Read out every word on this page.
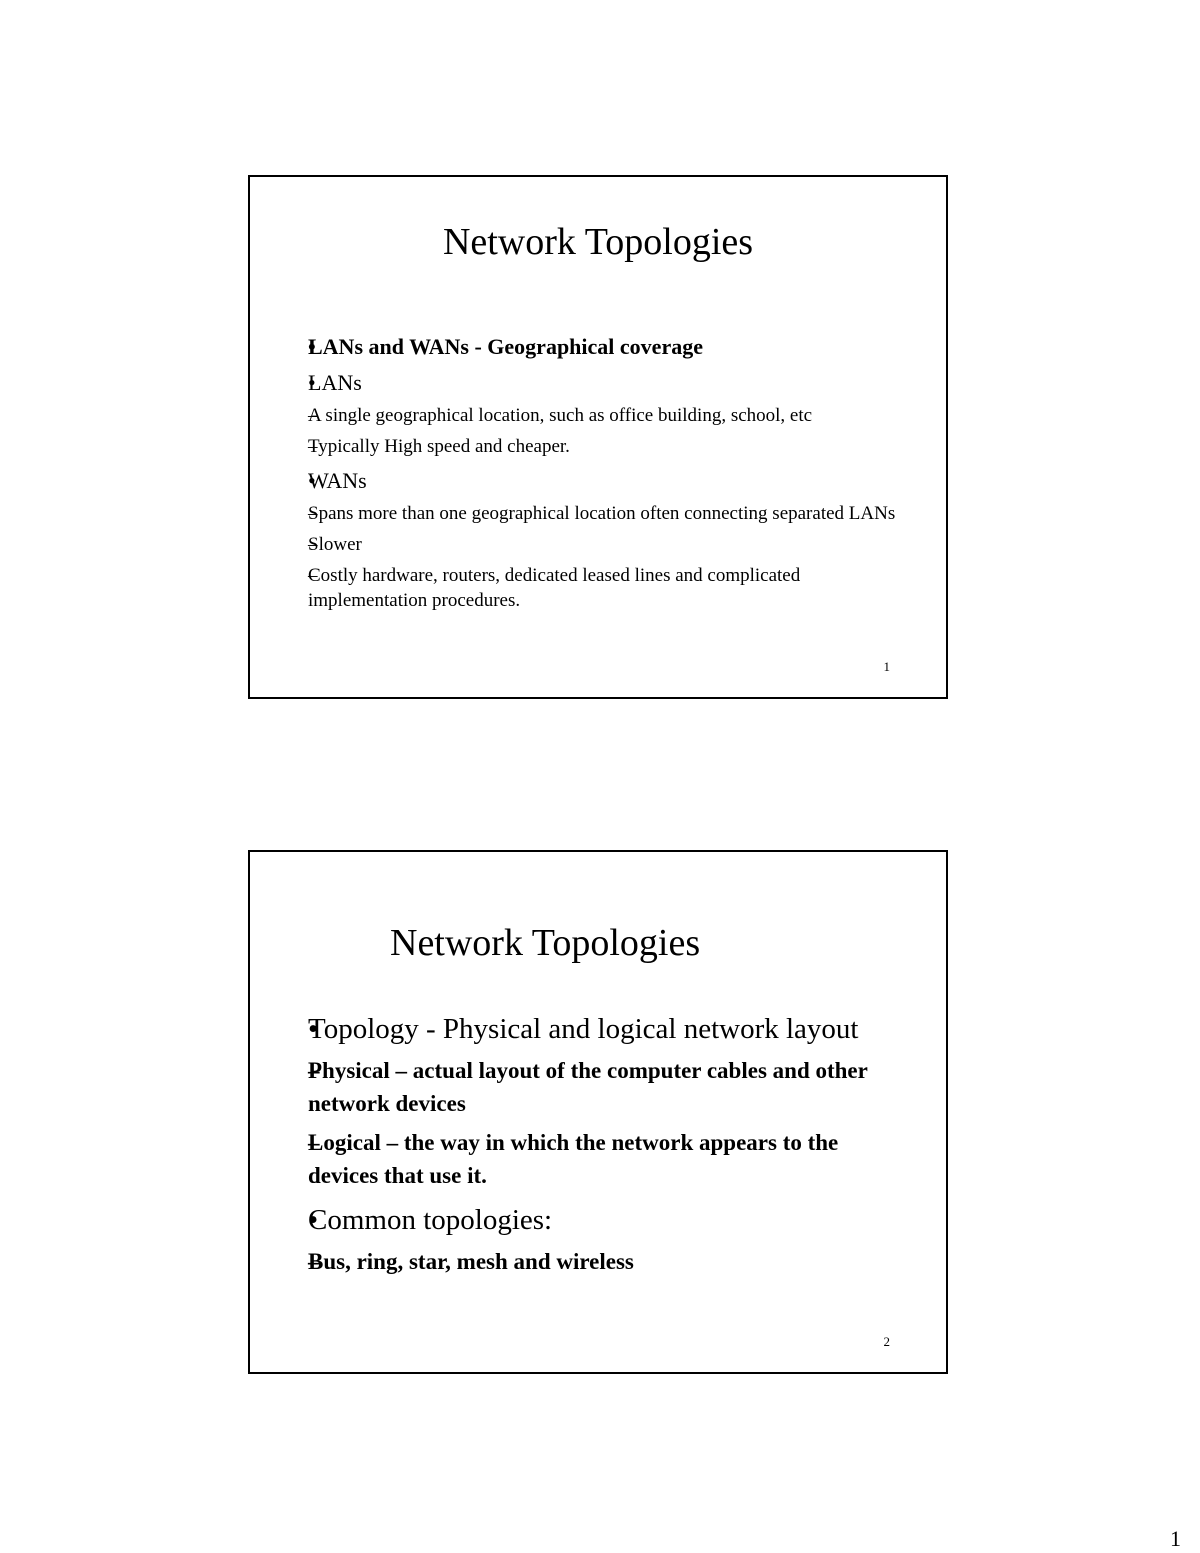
Network Topologies
• LANs and WANs - Geographical coverage
• LANs
– A single geographical location, such as office building, school, etc
– Typically High speed and cheaper.
• WANs
– Spans more than one geographical location often connecting separated LANs
– Slower
– Costly hardware, routers, dedicated leased lines and complicated implementation procedures.
1
Network Topologies
• Topology - Physical and logical network layout
– Physical – actual layout of the computer cables and other network devices
– Logical – the way in which the network appears to the devices that use it.
• Common topologies:
– Bus, ring, star, mesh and wireless
2
1
